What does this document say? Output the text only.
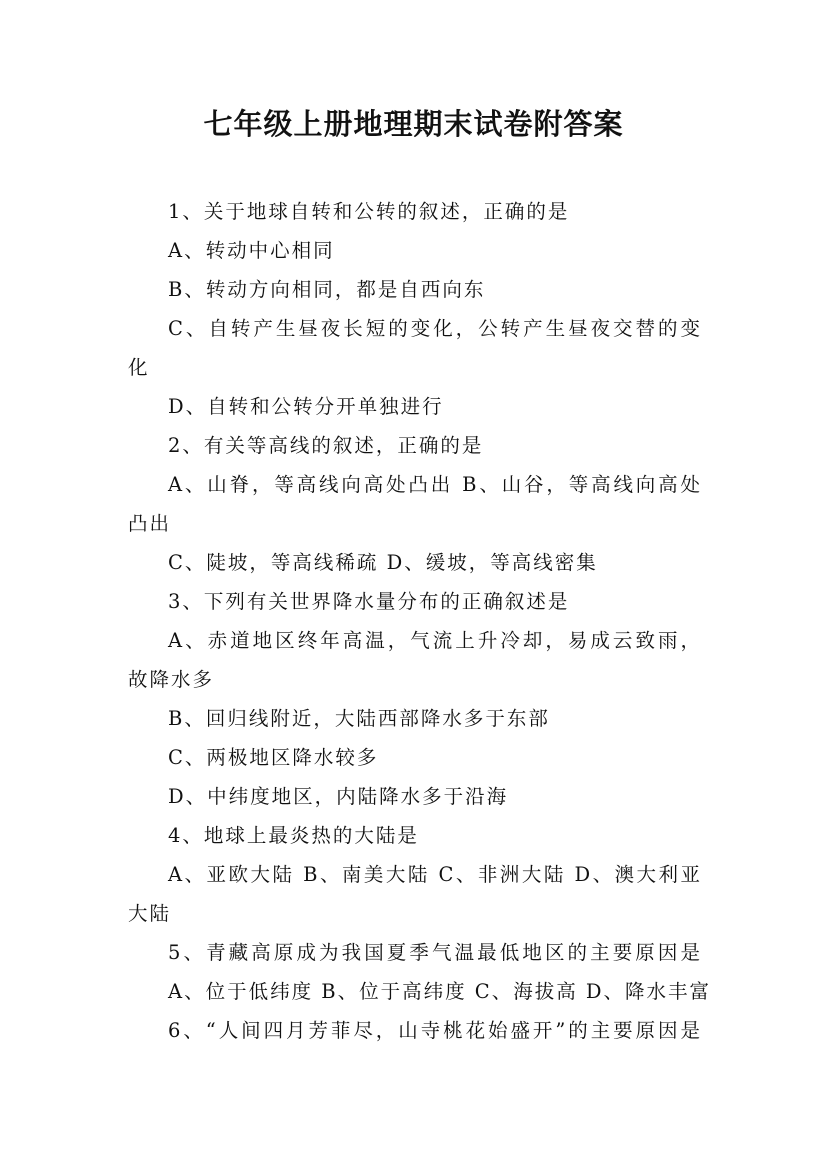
七年级上册地理期末试卷附答案

1、关于地球自转和公转的叙述，正确的是

A、转动中心相同

B、转动方向相同，都是自西向东

C、自转产生昼夜长短的变化，公转产生昼夜交替的变

化

D、自转和公转分开单独进行

2、有关等高线的叙述，正确的是

A、山脊，等高线向高处凸出 B、山谷，等高线向高处

凸出

C、陡坡，等高线稀疏 D、缓坡，等高线密集

3、下列有关世界降水量分布的正确叙述是

A、赤道地区终年高温，气流上升冷却，易成云致雨，

故降水多

B、回归线附近，大陆西部降水多于东部

C、两极地区降水较多

D、中纬度地区，内陆降水多于沿海

4、地球上最炎热的大陆是

A、亚欧大陆 B、南美大陆 C、非洲大陆 D、澳大利亚

大陆

5、青藏高原成为我国夏季气温最低地区的主要原因是

A、位于低纬度 B、位于高纬度 C、海拔高 D、降水丰富

6、“人间四月芳菲尽，山寺桃花始盛开”的主要原因是
